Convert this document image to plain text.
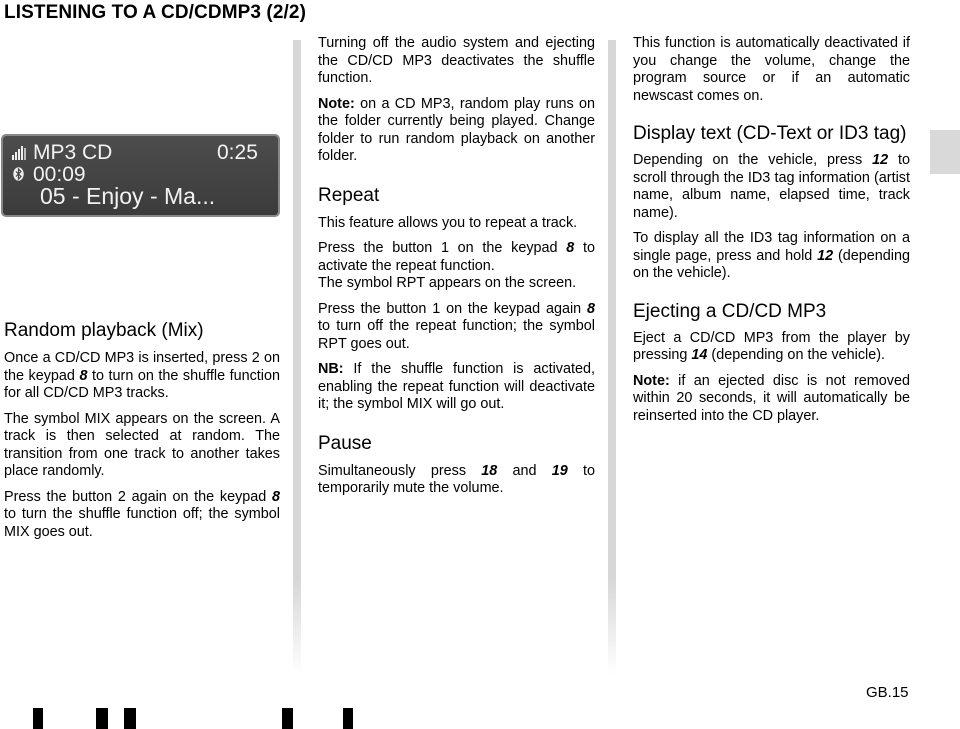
LISTENING TO A CD/CDMP3 (2/2)
MP3 CD	0:25
00:09
05 - Enjoy - Ma...
Random playback (Mix)

Once a CD/CD MP3 is inserted, press 2 on the keypad 8 to turn on the shuffle function for all CD/CD MP3 tracks.

The symbol MIX appears on the screen. A track is then selected at random. The transition from one track to another takes place randomly.

Press the button 2 again on the keypad 8 to turn the shuffle function off; the symbol MIX goes out.

Turning off the audio system and ejecting the CD/CD MP3 deactivates the shuffle function.

Note: on a CD MP3, random play runs on the folder currently being played. Change folder to run random playback on another folder.

Repeat

This feature allows you to repeat a track.

Press the button 1 on the keypad 8 to activate the repeat function.

The symbol RPT appears on the screen.

Press the button 1 on the keypad again 8 to turn off the repeat function; the symbol RPT goes out.

NB: If the shuffle function is activated, enabling the repeat function will deactivate it; the symbol MIX will go out.

Pause

Simultaneously press 18 and 19 to temporarily mute the volume.

This function is automatically deactivated if you change the volume, change the program source or if an automatic newscast comes on.

Display text (CD-Text or ID3 tag)

Depending on the vehicle, press 12 to scroll through the ID3 tag information (artist name, album name, elapsed time, track name).

To display all the ID3 tag information on a single page, press and hold 12 (depending on the vehicle).

Ejecting a CD/CD MP3

Eject a CD/CD MP3 from the player by pressing 14 (depending on the vehicle).

Note: if an ejected disc is not removed within 20 seconds, it will automatically be reinserted into the CD player.

GB.15
